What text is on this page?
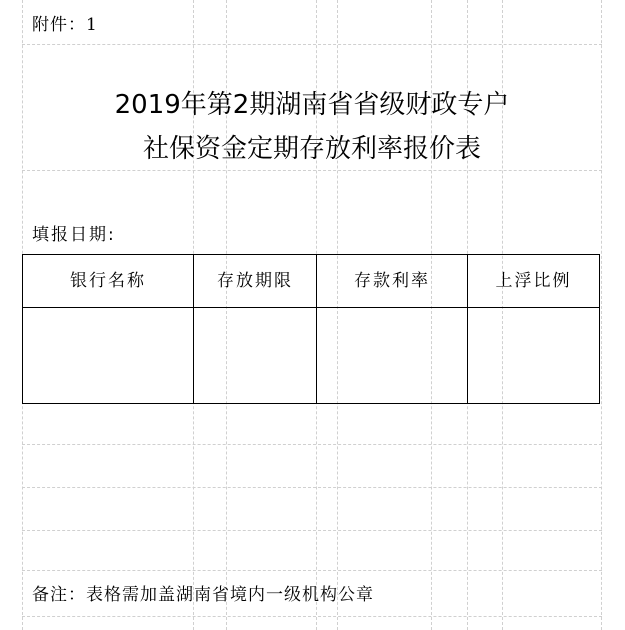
附件：1
2019年第2期湖南省省级财政专户
社保资金定期存放利率报价表
填报日期:
银行名称	存放期限	存款利率	上浮比例
备注：表格需加盖湖南省境内一级机构公章
